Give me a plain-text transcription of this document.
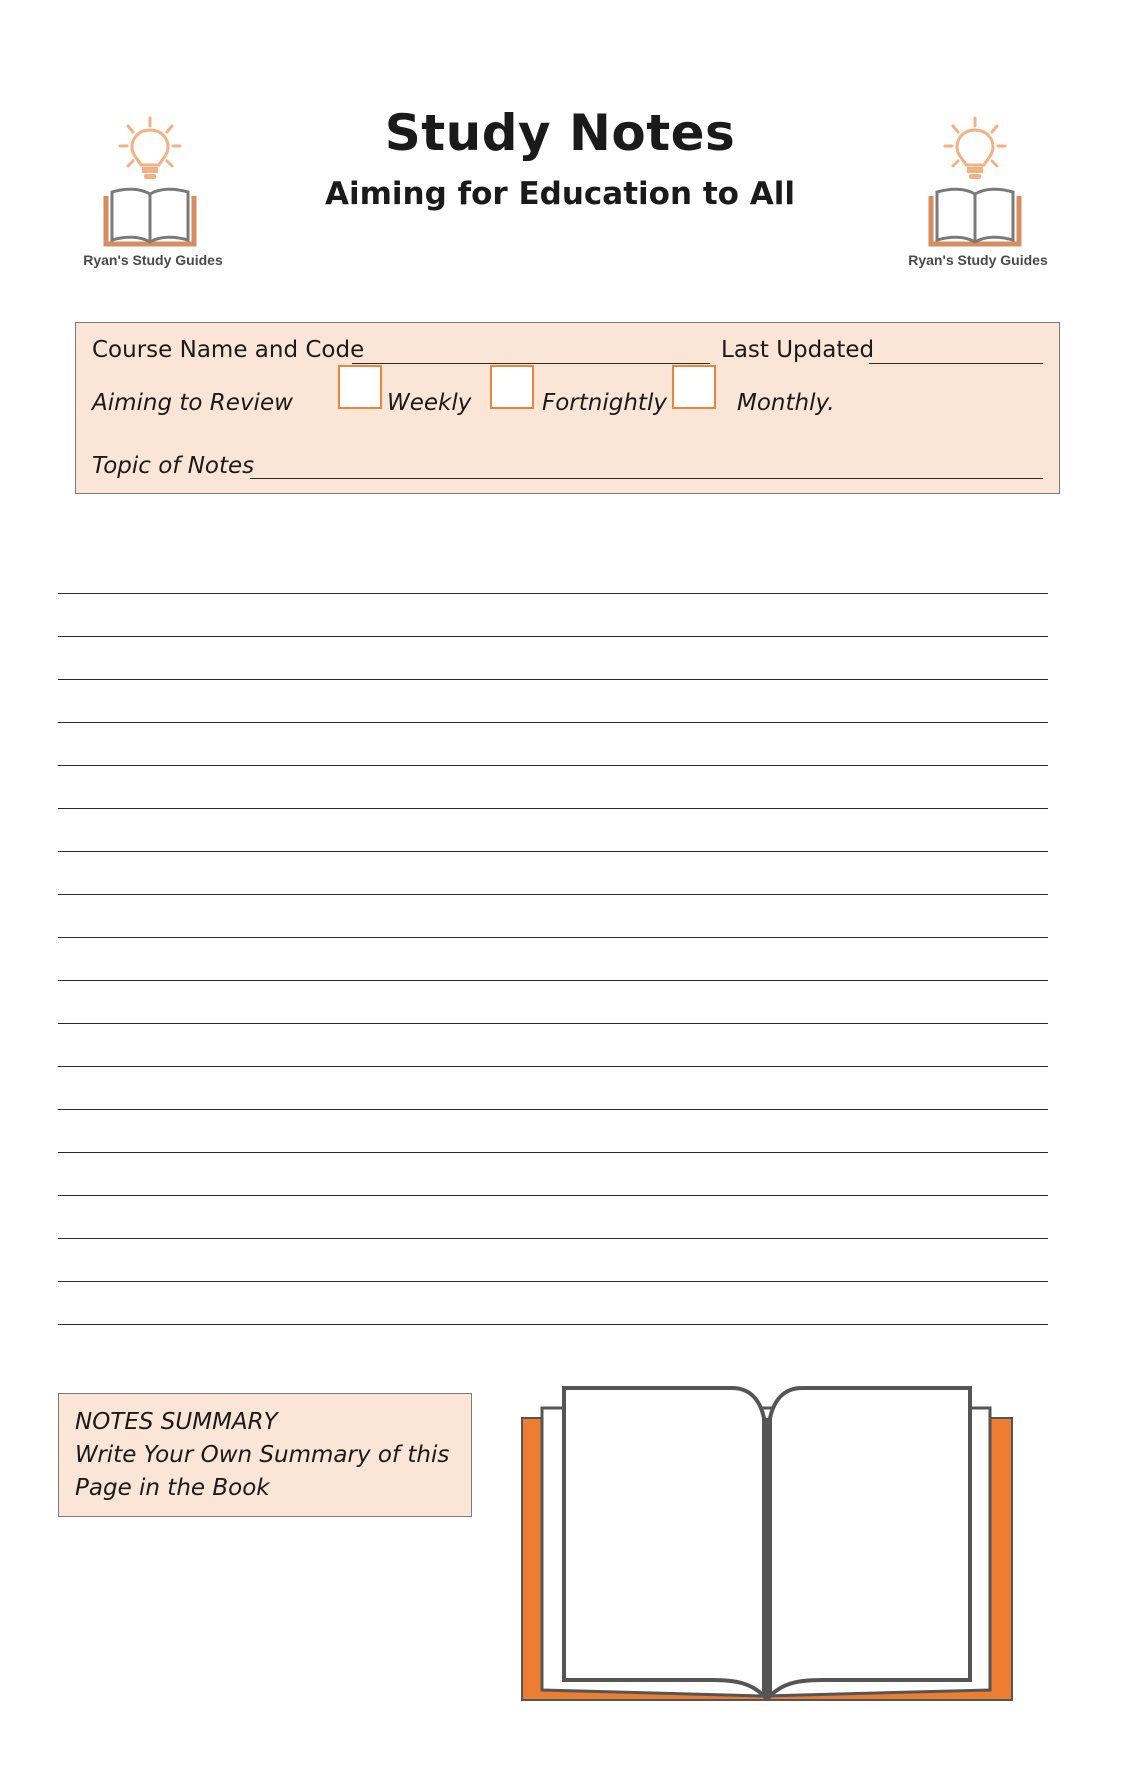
Ryan's Study Guides	Ryan's Study Guides
Study Notes
Aiming for Education to All
Course Name and Code	Last Updated
Aiming to Review	Weekly	Fortnightly	Monthly.
Topic of Notes
NOTES SUMMARY
Write Your Own Summary of this
Page in the Book
